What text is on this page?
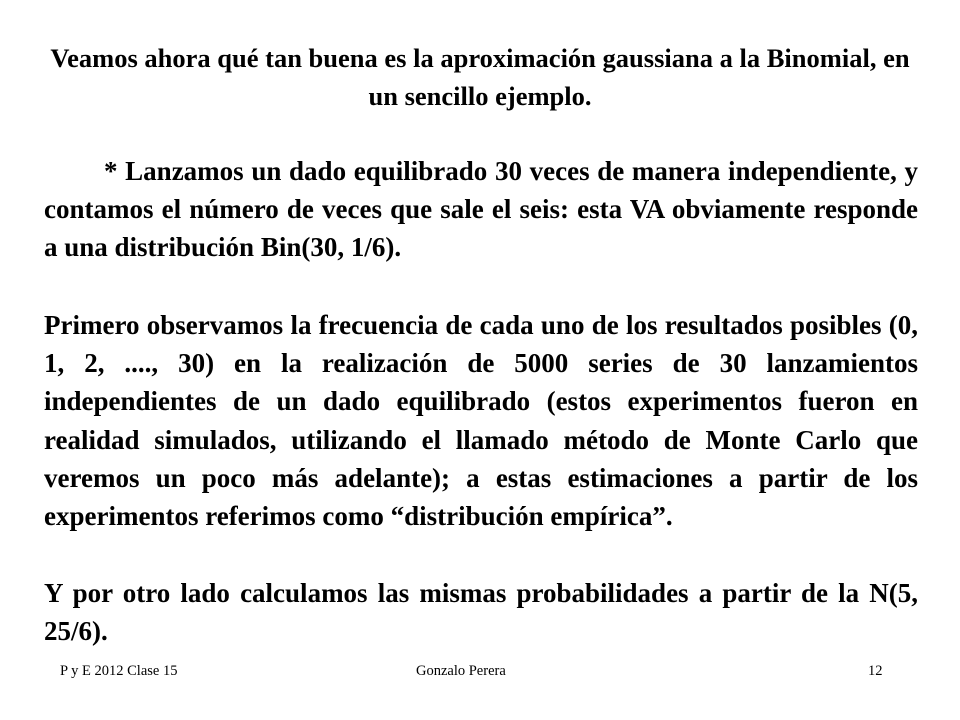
Veamos ahora qué tan buena es la aproximación gaussiana a la Binomial, en un sencillo ejemplo.
* Lanzamos un dado equilibrado 30 veces de manera independiente, y contamos el número de veces que sale el seis: esta VA obviamente responde a una distribución Bin(30, 1/6).
Primero observamos la frecuencia de cada uno de los resultados posibles (0, 1, 2, ...., 30) en la realización de 5000 series de 30 lanzamientos independientes de un dado equilibrado (estos experimentos fueron en realidad simulados, utilizando el llamado método de Monte Carlo que veremos un poco más adelante); a estas estimaciones a partir de los experimentos referimos como “distribución empírica”.
Y por otro lado calculamos las mismas probabilidades a partir de la N(5, 25/6).
P y E 2012 Clase 15	Gonzalo Perera	12
